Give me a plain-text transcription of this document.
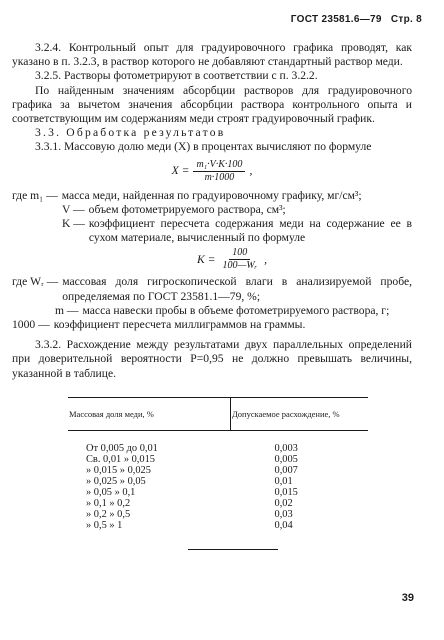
ГОСТ 23581.6—79 Стр. 8

3.2.4. Контрольный опыт для градуировочного графика проводят, как указано в п. 3.2.3, в раствор которого не добавляют стандартный раствор меди.

3.2.5. Растворы фотометрируют в соответствии с п. 3.2.2.

По найденным значениям абсорбции растворов для градуировочного графика за вычетом значения абсорбции раствора контрольного опыта и соответствующим им содержаниям меди строят градуировочный график.

3.3. Обработка результатов

3.3.1. Массовую долю меди (X) в процентах вычисляют по формуле

$X = \frac{\text{m₁·V·K·100}}{m\cdot 1000}$ ,
где m₁ — масса меди, найденная по градуировочному графику, мг/см³;
V — объем фотометрируемого раствора, см³;
K — коэффициент пересчета содержания меди на содержание ее в сухом материале, вычисленный по формуле
$K = \frac{100}{\text{100—Wᵣ}}$ ,
где Wᵣ — массовая доля гигроскопической влаги в анализируемой пробе, определяемая по ГОСТ 23581.1—79, %;
m — масса навески пробы в объеме фотометрируемого раствора, г;
1000 — коэффициент пересчета миллиграммов на граммы.

3.3.2. Расхождение между результатами двух параллельных определений при доверительной вероятности P=0,95 не должно превышать величины, указанной в таблице.

Массовая доля меди, %	Допускаемое расхождение, %
От 0,005 до 0,01	0,003
Св. 0,01 » 0,015	0,005
» 0,015 » 0,025	0,007
» 0,025 » 0,05	0,01
» 0,05 » 0,1	0,015
» 0,1 » 0,2	0,02
» 0,2 » 0,5	0,03
» 0,5 » 1	0,04
39
